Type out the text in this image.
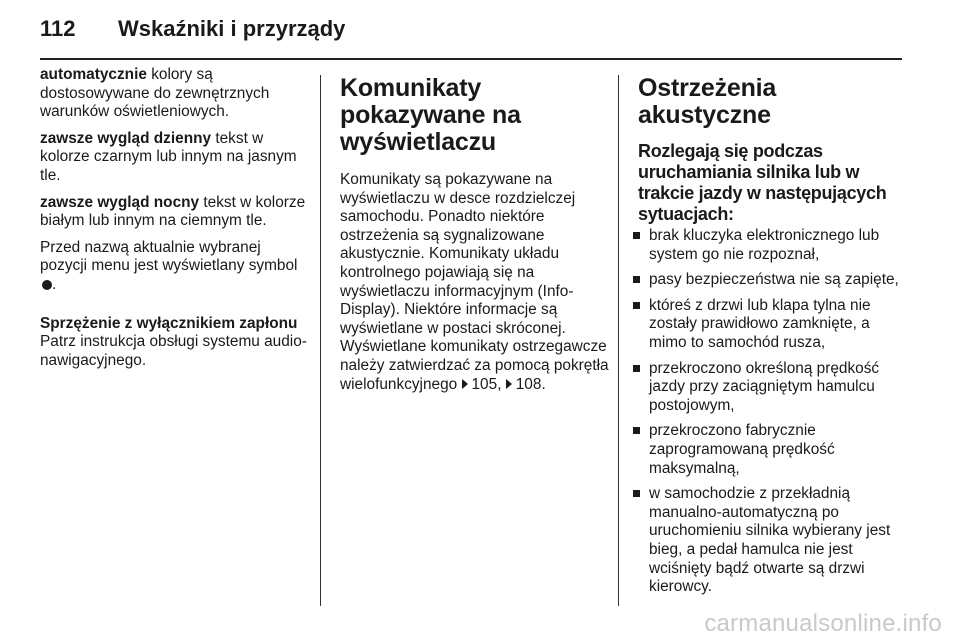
112 Wskaźniki i przyrządy

automatycznie kolory są dostosowywane do zewnętrznych warunków oświetleniowych.

zawsze wygląd dzienny tekst w kolorze czarnym lub innym na jasnym tle.

zawsze wygląd nocny tekst w kolorze białym lub innym na ciemnym tle.

Przed nazwą aktualnie wybranej pozycji menu jest wyświetlany symbol .

Sprzężenie z wyłącznikiem zapłonu

Patrz instrukcja obsługi systemu audio-nawigacyjnego.

Komunikaty pokazywane na wyświetlaczu

Komunikaty są pokazywane na wyświetlaczu w desce rozdzielczej samochodu. Ponadto niektóre ostrzeżenia są sygnalizowane akustycznie. Komunikaty układu kontrolnego pojawiają się na wyświetlaczu informacyjnym (Info-Display). Niektóre informacje są wyświetlane w postaci skróconej. Wyświetlane komunikaty ostrzegawcze należy zatwierdzać za pomocą pokrętła wielofunkcyjnego 105, 108.

Ostrzeżenia akustyczne
Rozlegają się podczas uruchamiania silnika lub w trakcie jazdy w następujących sytuacjach:
brak kluczyka elektronicznego lub system go nie rozpoznał,
pasy bezpieczeństwa nie są zapięte,
któreś z drzwi lub klapa tylna nie zostały prawidłowo zamknięte, a mimo to samochód rusza,
przekroczono określoną prędkość jazdy przy zaciągniętym hamulcu postojowym,
przekroczono fabrycznie zaprogramowaną prędkość maksymalną,
w samochodzie z przekładnią manualno-automatyczną po uruchomieniu silnika wybierany jest bieg, a pedał hamulca nie jest wciśnięty bądź otwarte są drzwi kierowcy.
carmanualsonline.info
